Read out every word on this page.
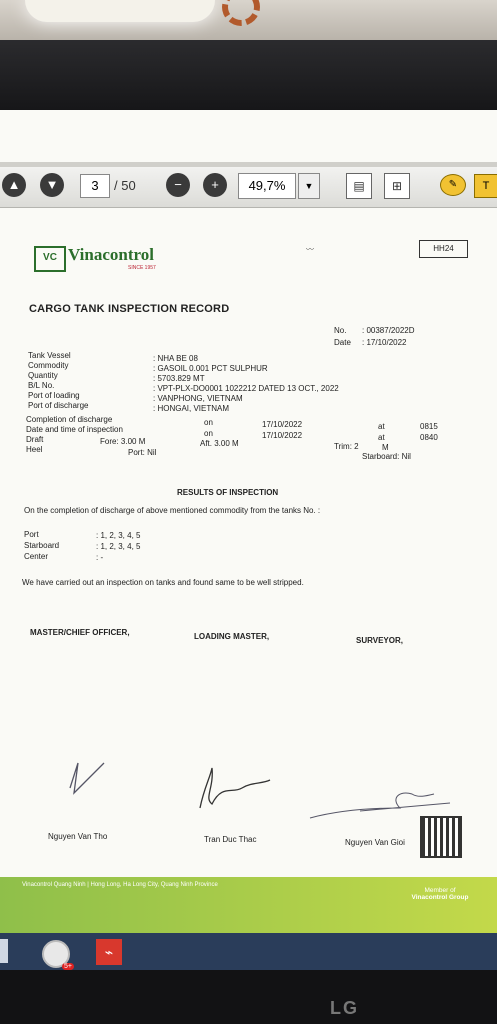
▲	▼	3	/ 50	−	+	49,7%	▼	▤	⊞	✎	T
VC Vinacontrol
SINCE 1957
〰	HH24
CARGO TANK INSPECTION RECORD
No. : 00387/2022D
Date : 17/10/2022
Tank Vessel	: NHA BE 08
Commodity	: GASOIL 0.001 PCT SULPHUR
Quantity	: 5703.829 MT
B/L No.	: VPT-PLX-DO0001 1022212 DATED 13 OCT., 2022
Port of loading	: VANPHONG, VIETNAM
Port of discharge	: HONGAI, VIETNAM
Completion of discharge	on	17/10/2022	at	0815
Date and time of inspection	on	17/10/2022	at	0840
Draft	Fore: 3.00 M	Aft. 3.00 M	Trim: 2	M
Heel	Port: Nil	Starboard: Nil
RESULTS OF INSPECTION
On the completion of discharge of above mentioned commodity from the tanks No. :
Port	: 1, 2, 3, 4, 5
Starboard	: 1, 2, 3, 4, 5
Center	: -
We have carried out an inspection on tanks and found same to be well stripped.
MASTER/CHIEF OFFICER,	LOADING MASTER,	SURVEYOR,
Nguyen Van Tho	Tran Duc Thac	Nguyen Van Gioi
Vinacontrol Quang Ninh | Hong Long, Ha Long City, Quang Ninh Province
Member of
Vinacontrol Group
5+
⌁
LG
